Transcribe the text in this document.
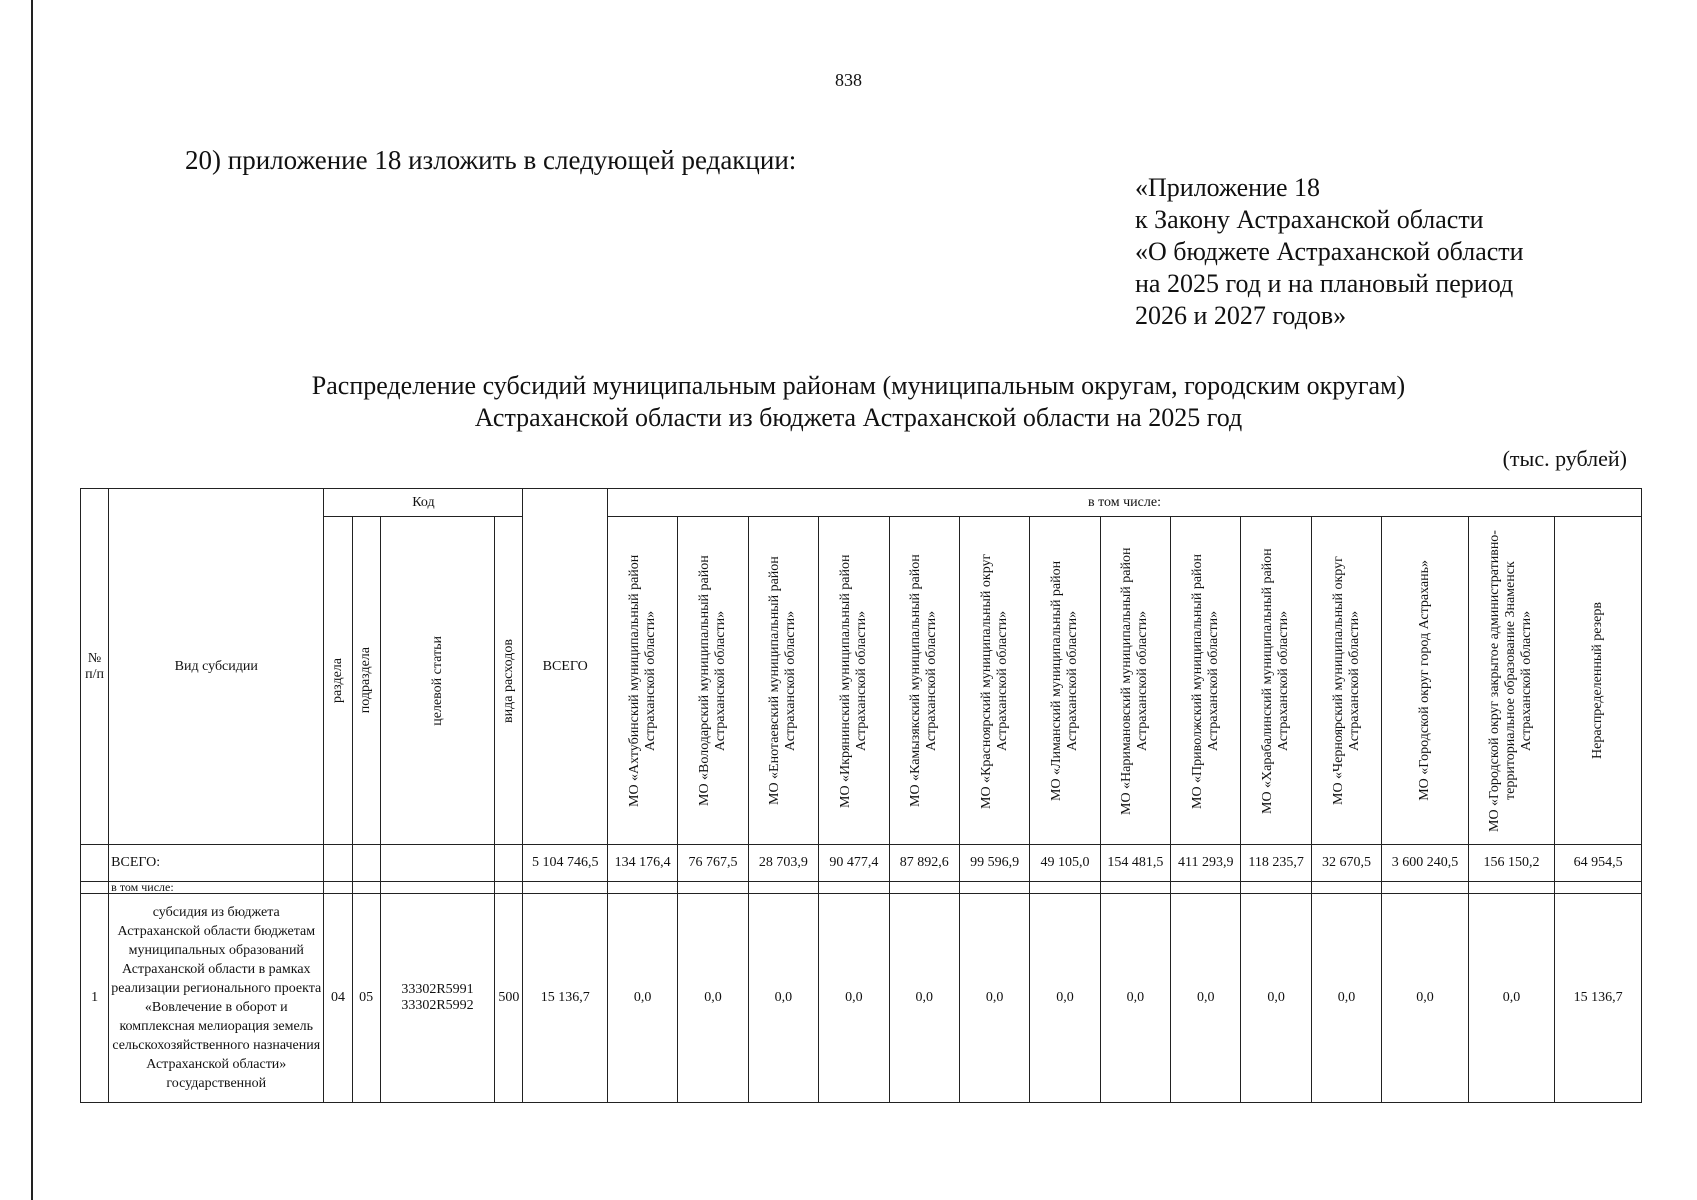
838
20) приложение 18 изложить в следующей редакции:
«Приложение 18
к Закону Астраханской области
«О бюджете Астраханской области
на 2025 год и на плановый период
2026 и 2027 годов»
Распределение субсидий муниципальным районам (муниципальным округам, городским округам)
Астраханской области из бюджета Астраханской области на 2025 год
(тыс. рублей)
№ п/п	Вид субсидии	Код				ВСЕГО	в том числе:													

		раздела	подраздела	целевой статьи	вида расходов		МО «Ахтубинский муниципальный район Астраханской области»	МО «Володарский муниципальный район Астраханской области»	МО «Енотаевский муниципальный район Астраханской области»	МО «Икрянинский муниципальный район Астраханской области»	МО «Камызякский муниципальный район Астраханской области»	МО «Красноярский муниципальный округ Астраханской области»	МО «Лиманский муниципальный район Астраханской области»	МО «Наримановский муниципальный район Астраханской области»	МО «Приволжский муниципальный район Астраханской области»	МО «Харабалинский муниципальный район Астраханской области»	МО «Черноярский муниципальный округ Астраханской области»	МО «Городской округ город Астрахань»	МО «Городской округ закрытое административно-территориальное образование Знаменск Астраханской области»	Нераспределенный резерв

	ВСЕГО:					5 104 746,5	134 176,4	76 767,5	28 703,9	90 477,4	87 892,6	99 596,9	49 105,0	154 481,5	411 293,9	118 235,7	32 670,5	3 600 240,5	156 150,2	64 954,5
	в том числе:																			
1	субсидия из бюджета Астраханской области бюджетам муниципальных образований Астраханской области в рамках реализации регионального проекта «Вовлечение в оборот и комплексная мелиорация земель сельскохозяйственного назначения Астраханской области» государственной	04	05	33302R5991
33302R5992	500	15 136,7	0,0	0,0	0,0	0,0	0,0	0,0	0,0	0,0	0,0	0,0	0,0	0,0	0,0	15 136,7
